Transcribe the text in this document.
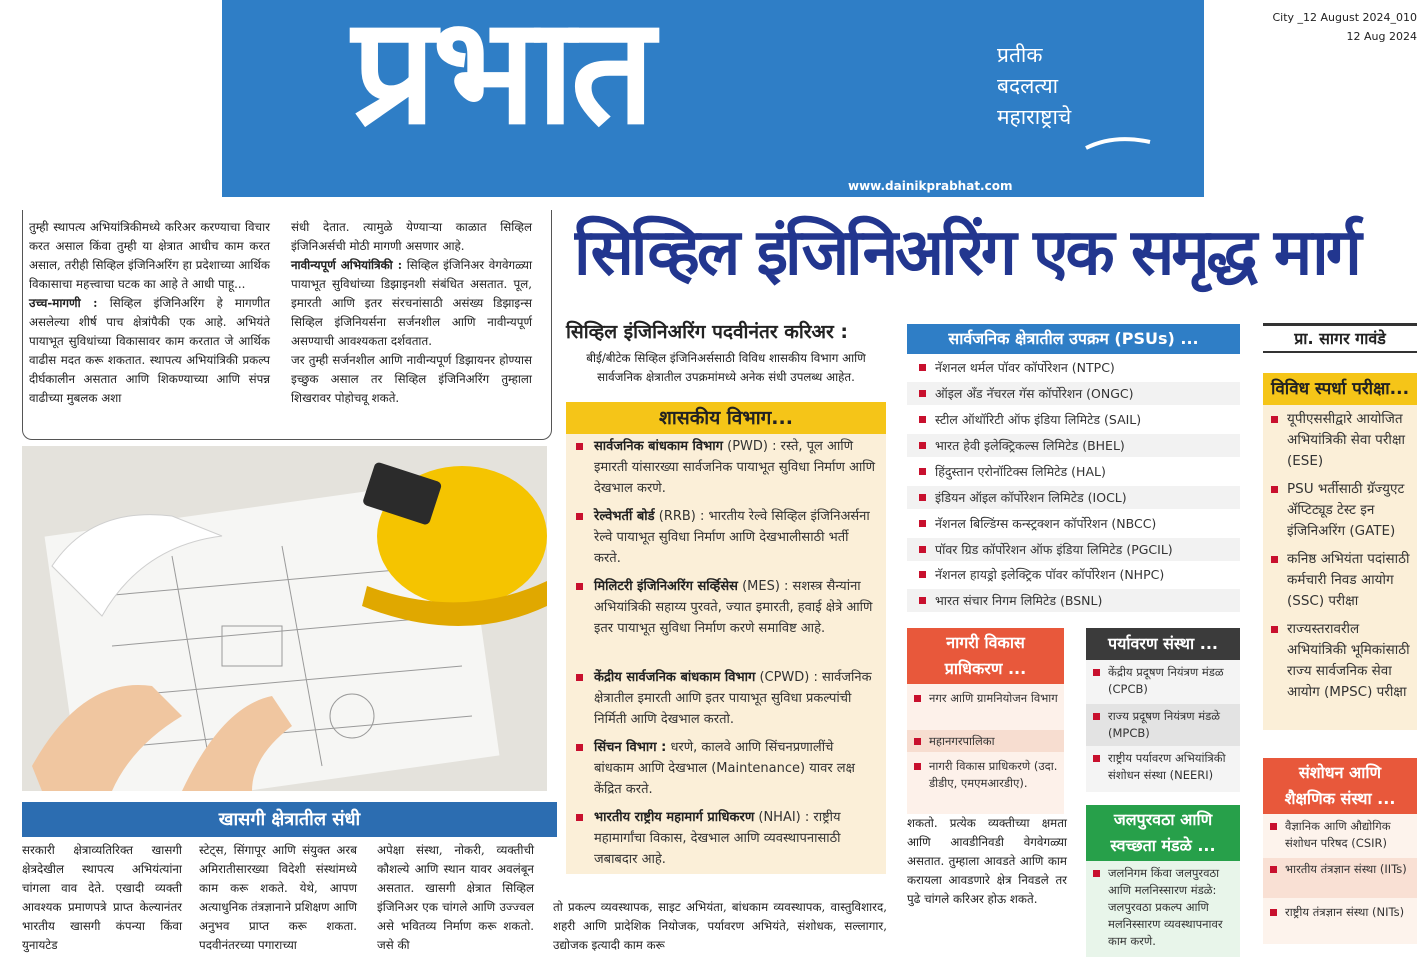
प्रभात	प्रतीक
बदलत्या
महाराष्ट्राचे
www.dainikprabhat.com
City _12 August 2024_010
12 Aug 2024
तुम्ही स्थापत्य अभियांत्रिकीमध्ये करिअर करण्याचा विचार करत असाल किंवा तुम्ही या क्षेत्रात आधीच काम करत असाल, तरीही सिव्हिल इंजिनिअरिंग हा प्रदेशाच्या आर्थिक विकासाचा महत्त्वाचा घटक का आहे ते आधी पाहू...
उच्च-मागणी : सिव्हिल इंजिनिअरिंग हे मागणीत असलेल्या शीर्ष पाच क्षेत्रांपैकी एक आहे. अभियंते पायाभूत सुविधांच्या विकासावर काम करतात जे आर्थिक वाढीस मदत करू शकतात. स्थापत्य अभियांत्रिकी प्रकल्प दीर्घकालीन असतात आणि शिकण्याच्या आणि संपन्न वाढीच्या मुबलक अशा
संधी देतात. त्यामुळे येण्याऱ्या काळात सिव्हिल इंजिनिअर्सची मोठी मागणी असणार आहे.
नावीन्यपूर्ण अभियांत्रिकी : सिव्हिल इंजिनिअर वेगवेगळ्या पायाभूत सुविधांच्या डिझाइनशी संबंधित असतात. पूल, इमारती आणि इतर संरचनांसाठी असंख्य डिझाइन्स सिव्हिल इंजिनियर्सना सर्जनशील आणि नावीन्यपूर्ण असण्याची आवश्यकता दर्शवतात.
जर तुम्ही सर्जनशील आणि नावीन्यपूर्ण डिझायनर होण्यास इच्छुक असाल तर सिव्हिल इंजिनिअरिंग तुम्हाला शिखरावर पोहोचवू शकते.
सिव्हिल इंजिनिअरिंग एक समृद्ध मार्ग
खासगी क्षेत्रातील संधी
सरकारी क्षेत्राव्यतिरिक्त खासगी क्षेत्रदेखील स्थापत्य अभियंत्यांना चांगला वाव देते. एखादी व्यक्ती आवश्यक प्रमाणपत्रे प्राप्त केल्यानंतर भारतीय खासगी कंपन्या किंवा युनायटेड
स्टेट्स, सिंगापूर आणि संयुक्त अरब अमिरातीसारख्या विदेशी संस्थांमध्ये काम करू शकते. येथे, आपण अत्याधुनिक तंत्रज्ञानाने प्रशिक्षण आणि अनुभव प्राप्त करू शकता. पदवीनंतरच्या पगाराच्या
अपेक्षा संस्था, नोकरी, व्यक्तीची कौशल्ये आणि स्थान यावर अवलंबून असतात. खासगी क्षेत्रात सिव्हिल इंजिनिअर एक चांगले आणि उज्ज्वल असे भवितव्य निर्माण करू शकतो. जसे की
तो प्रकल्प व्यवस्थापक, साइट अभियंता, बांधकाम व्यवस्थापक, वास्तुविशारद, शहरी आणि प्रादेशिक नियोजक, पर्यावरण अभियंते, संशोधक, सल्लागार, उद्योजक इत्यादी काम करू
सिव्हिल इंजिनिअरिंग पदवीनंतर करिअर :
बीई/बीटेक सिव्हिल इंजिनिअर्ससाठी विविध शासकीय विभाग आणि सार्वजनिक क्षेत्रातील उपक्रमांमध्ये अनेक संधी उपलब्ध आहेत.
शासकीय विभाग...
सार्वजनिक बांधकाम विभाग (PWD) : रस्ते, पूल आणि इमारती यांसारख्या सार्वजनिक पायाभूत सुविधा निर्माण आणि देखभाल करणे.
रेल्वेभर्ती बोर्ड (RRB) : भारतीय रेल्वे सिव्हिल इंजिनिअर्सना रेल्वे पायाभूत सुविधा निर्माण आणि देखभालीसाठी भर्ती करते.
मिलिटरी इंजिनिअरिंग सर्व्हिसेस (MES) : सशस्त्र सैन्यांना अभियांत्रिकी सहाय्य पुरवते, ज्यात इमारती, हवाई क्षेत्रे आणि इतर पायाभूत सुविधा निर्माण करणे समाविष्ट आहे.
केंद्रीय सार्वजनिक बांधकाम विभाग (CPWD) : सार्वजनिक क्षेत्रातील इमारती आणि इतर पायाभूत सुविधा प्रकल्पांची निर्मिती आणि देखभाल करतो.
सिंचन विभाग : धरणे, कालवे आणि सिंचनप्रणालींचे बांधकाम आणि देखभाल (Maintenance) यावर लक्ष केंद्रित करते.
भारतीय राष्ट्रीय महामार्ग प्राधिकरण (NHAI) : राष्ट्रीय महामार्गांचा विकास, देखभाल आणि व्यवस्थापनासाठी जबाबदार आहे.
सार्वजनिक क्षेत्रातील उपक्रम (PSUs) ...
नॅशनल थर्मल पॉवर कॉर्पोरेशन (NTPC)
ऑइल अँड नॅचरल गॅस कॉर्पोरेशन (ONGC)
स्टील ऑथॉरिटी ऑफ इंडिया लिमिटेड (SAIL)
भारत हेवी इलेक्ट्रिकल्स लिमिटेड (BHEL)
हिंदुस्तान एरोनॉटिक्स लिमिटेड (HAL)
इंडियन ऑइल कॉर्पोरेशन लिमिटेड (IOCL)
नॅशनल बिल्डिंग्स कन्स्ट्रक्शन कॉर्पोरेशन (NBCC)
पॉवर ग्रिड कॉर्पोरेशन ऑफ इंडिया लिमिटेड (PGCIL)
नॅशनल हायड्रो इलेक्ट्रिक पॉवर कॉर्पोरेशन (NHPC)
भारत संचार निगम लिमिटेड (BSNL)
नागरी विकास
प्राधिकरण ...
नगर आणि ग्रामनियोजन विभाग
महानगरपालिका
नागरी विकास प्राधिकरणे (उदा. डीडीए, एमएमआरडीए).
पर्यावरण संस्था ...
केंद्रीय प्रदूषण नियंत्रण मंडळ (CPCB)
राज्य प्रदूषण नियंत्रण मंडळे (MPCB)
राष्ट्रीय पर्यावरण अभियांत्रिकी संशोधन संस्था (NEERI)
जलपुरवठा आणि
स्वच्छता मंडळे ...
जलनिगम किंवा जलपुरवठा आणि मलनिस्सारण मंडळे: जलपुरवठा प्रकल्प आणि मलनिस्सारण व्यवस्थापनावर काम करणे.
शकतो. प्रत्येक व्यक्तीच्या क्षमता आणि आवडीनिवडी वेगवेगळ्या असतात. तुम्हाला आवडते आणि काम करायला आवडणारे क्षेत्र निवडले तर पुढे चांगले करिअर होऊ शकते.
प्रा. सागर गावंडे
विविध स्पर्धा परीक्षा...
यूपीएससीद्वारे आयोजित अभियांत्रिकी सेवा परीक्षा (ESE)
PSU भर्तीसाठी ग्रॅज्युएट ॲप्टिट्यूड टेस्ट इन इंजिनिअरिंग (GATE)
कनिष्ठ अभियंता पदांसाठी कर्मचारी निवड आयोग (SSC) परीक्षा
राज्यस्तरावरील अभियांत्रिकी भूमिकांसाठी राज्य सार्वजनिक सेवा आयोग (MPSC) परीक्षा
संशोधन आणि
शैक्षणिक संस्था ...
वैज्ञानिक आणि औद्योगिक संशोधन परिषद (CSIR)
भारतीय तंत्रज्ञान संस्था (IITs)
राष्ट्रीय तंत्रज्ञान संस्था (NITs)
